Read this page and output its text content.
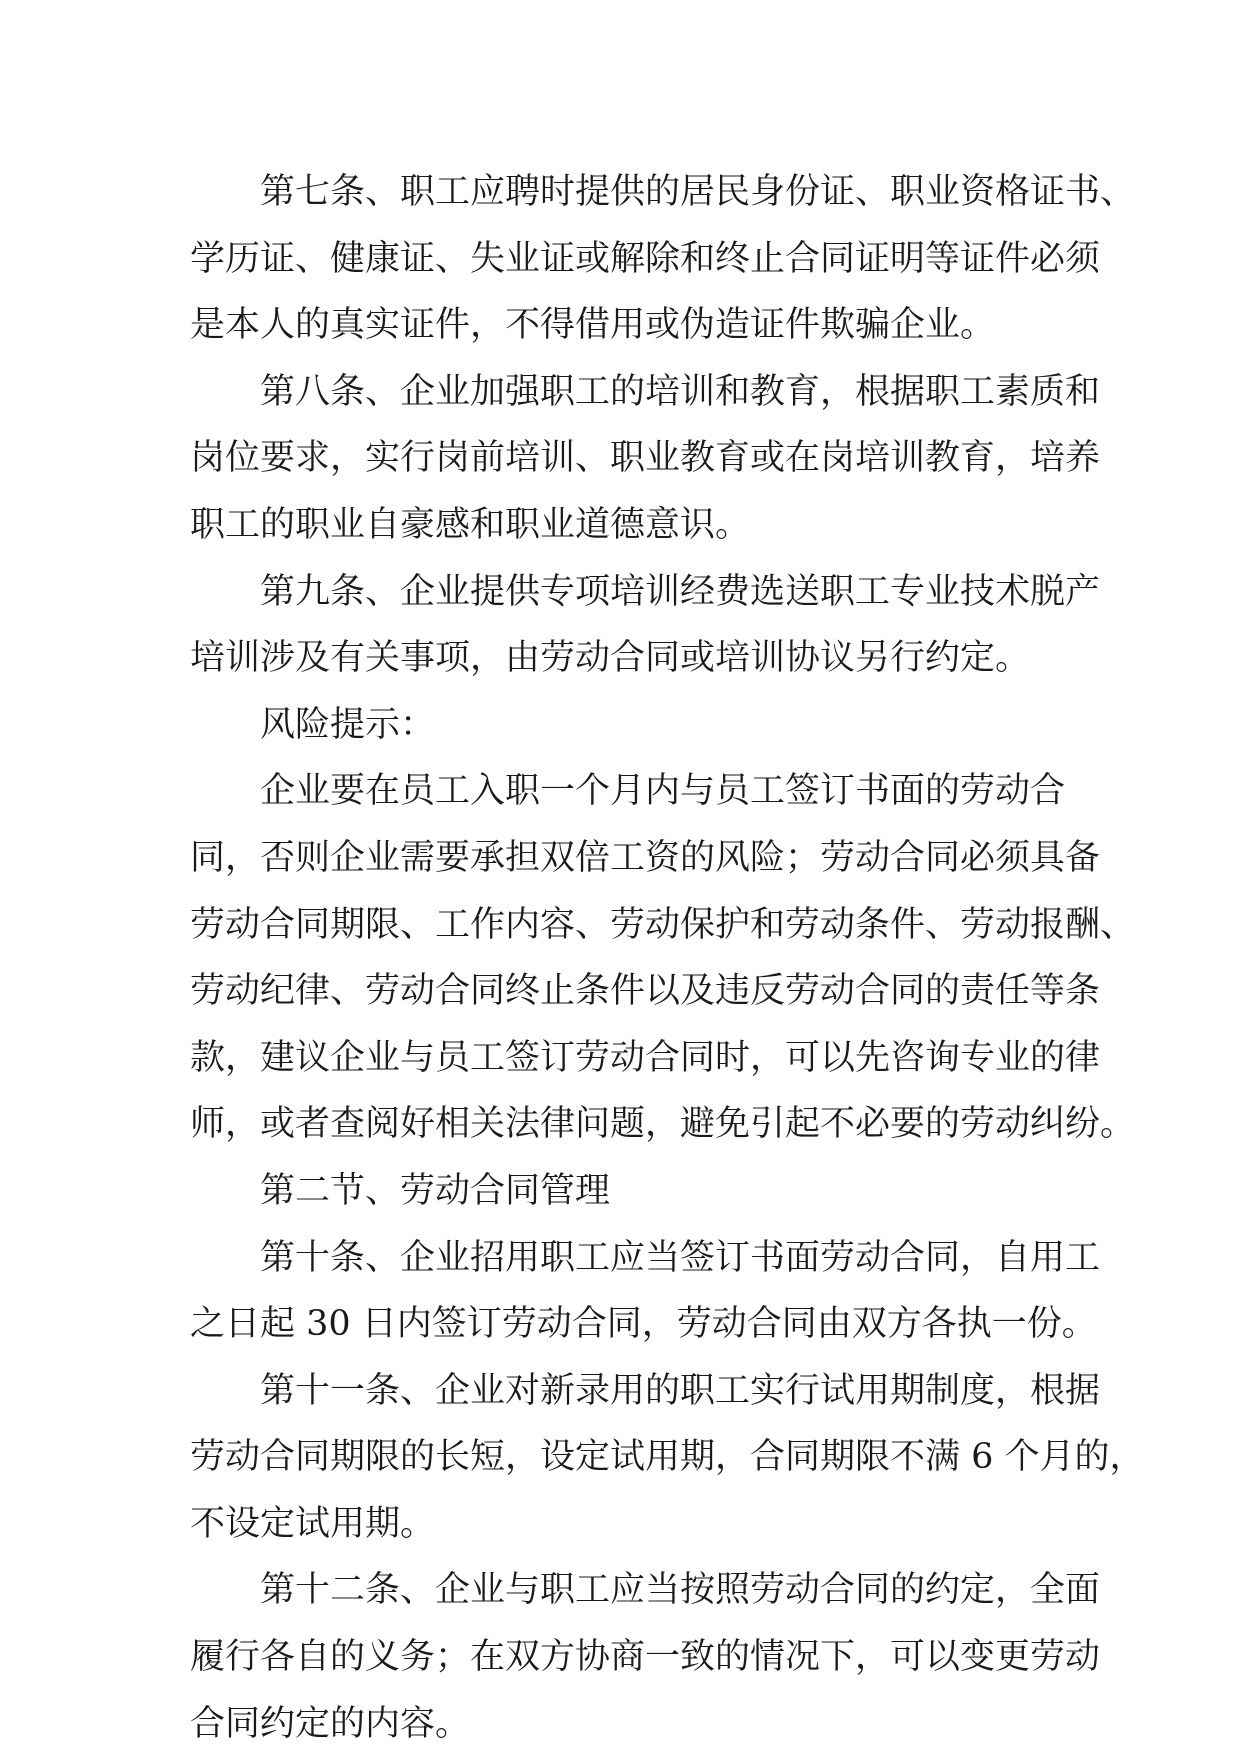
第七条、职工应聘时提供的居民身份证、职业资格证书、
学历证、健康证、失业证或解除和终止合同证明等证件必须
是本人的真实证件，不得借用或伪造证件欺骗企业。
第八条、企业加强职工的培训和教育，根据职工素质和
岗位要求，实行岗前培训、职业教育或在岗培训教育，培养
职工的职业自豪感和职业道德意识。
第九条、企业提供专项培训经费选送职工专业技术脱产
培训涉及有关事项，由劳动合同或培训协议另行约定。
风险提示：
企业要在员工入职一个月内与员工签订书面的劳动合
同，否则企业需要承担双倍工资的风险；劳动合同必须具备
劳动合同期限、工作内容、劳动保护和劳动条件、劳动报酬、
劳动纪律、劳动合同终止条件以及违反劳动合同的责任等条
款，建议企业与员工签订劳动合同时，可以先咨询专业的律
师，或者查阅好相关法律问题，避免引起不必要的劳动纠纷。
第二节、劳动合同管理
第十条、企业招用职工应当签订书面劳动合同，自用工
之日起 30 日内签订劳动合同，劳动合同由双方各执一份。
第十一条、企业对新录用的职工实行试用期制度，根据
劳动合同期限的长短，设定试用期，合同期限不满 6 个月的，
不设定试用期。
第十二条、企业与职工应当按照劳动合同的约定，全面
履行各自的义务；在双方协商一致的情况下，可以变更劳动
合同约定的内容。
